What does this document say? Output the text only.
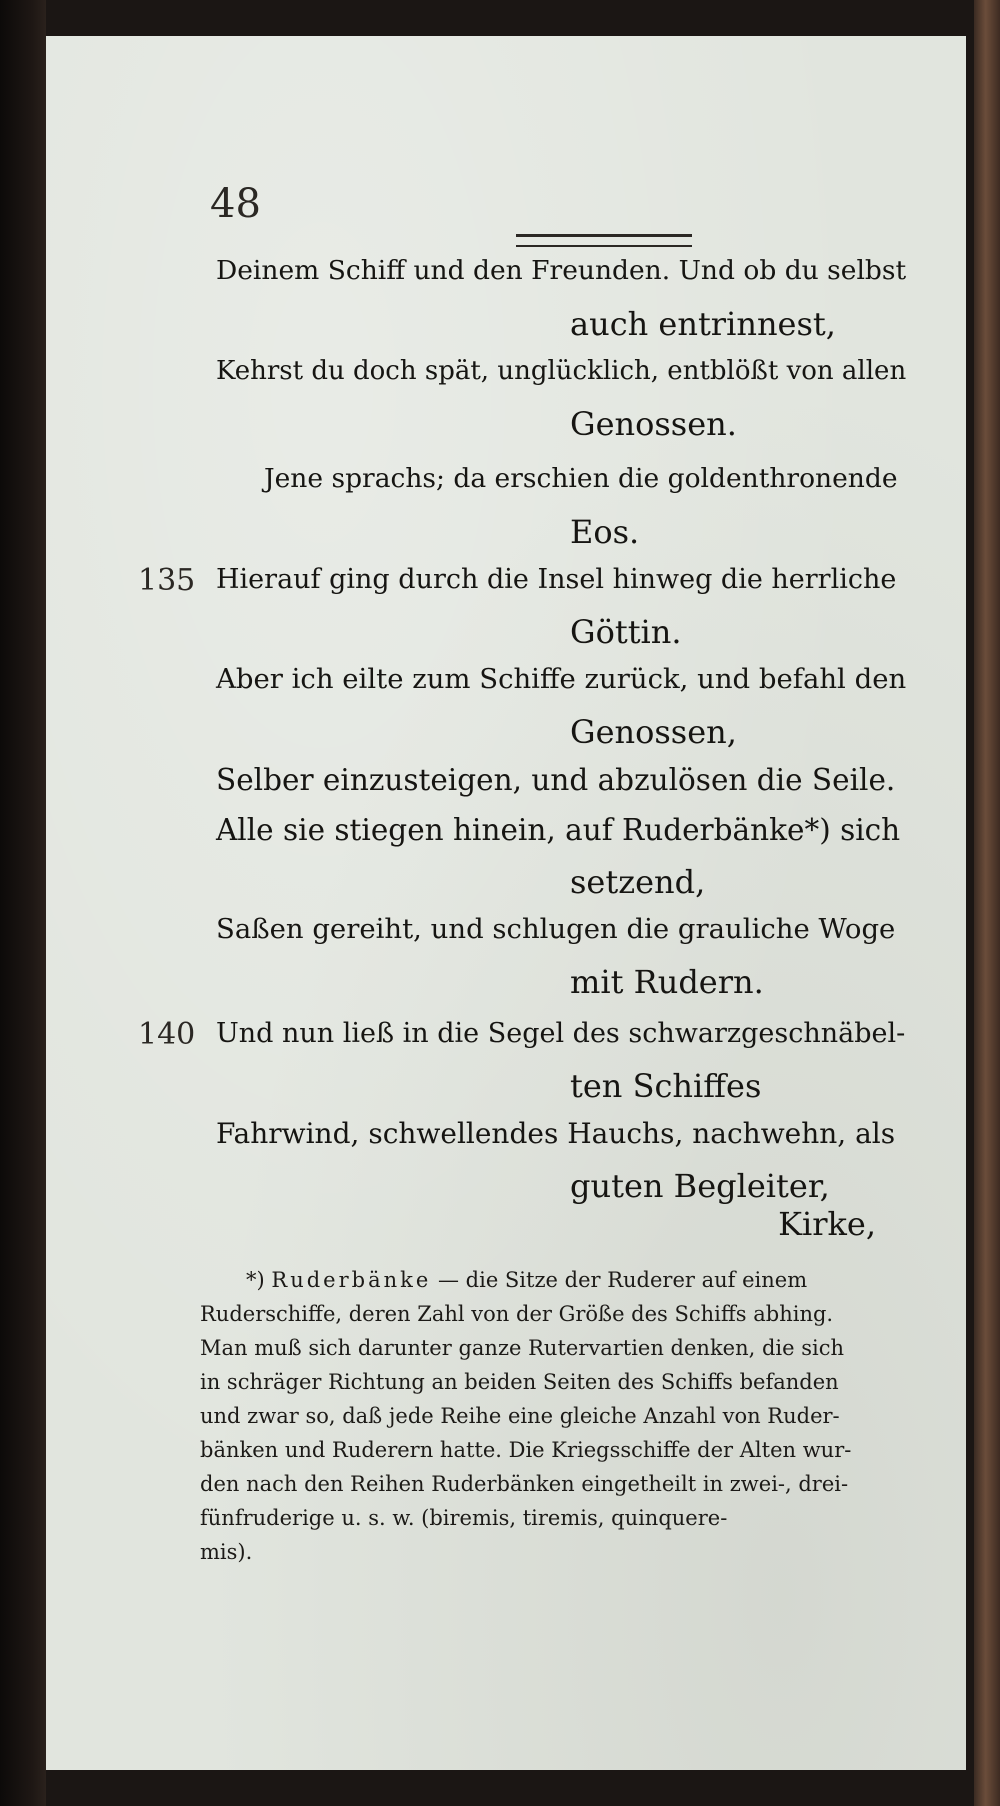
48
Deinem Schiff und den Freunden. Und ob du selbst
auch entrinnest,
Kehrst du doch spät, unglücklich, entblößt von allen
Genossen.
Jene sprachs; da erschien die goldenthronende
Eos.
135 Hierauf ging durch die Insel hinweg die herrliche
Göttin.
Aber ich eilte zum Schiffe zurück, und befahl den
Genossen,
Selber einzusteigen, und abzulösen die Seile.
Alle sie stiegen hinein, auf Ruderbänke*) sich
setzend,
Saßen gereiht, und schlugen die grauliche Woge
mit Rudern.
140 Und nun ließ in die Segel des schwarzgeschnäbel-
ten Schiffes
Fahrwind, schwellendes Hauchs, nachwehn, als
guten Begleiter,
Kirke,
*) Ruderbänke — die Sitze der Ruderer auf einem
Ruderschiffe, deren Zahl von der Größe des Schiffs abhing.
Man muß sich darunter ganze Rutervartien denken, die sich
in schräger Richtung an beiden Seiten des Schiffs befanden
und zwar so, daß jede Reihe eine gleiche Anzahl von Ruder-
bänken und Ruderern hatte. Die Kriegsschiffe der Alten wur-
den nach den Reihen Ruderbänken eingetheilt in zwei-, drei-
fünfruderige u. s. w. (biremis, tiremis, quinquere-
mis).
